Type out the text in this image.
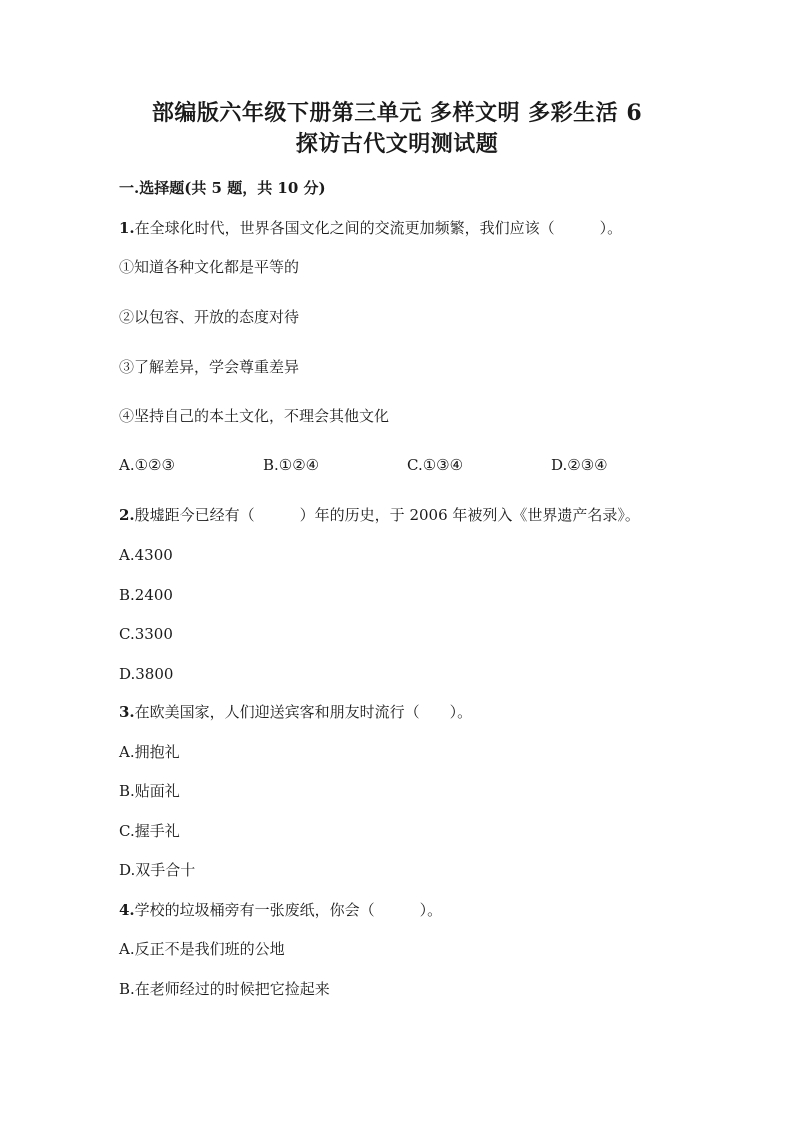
部编版六年级下册第三单元 多样文明 多彩生活 6
探访古代文明测试题
一.选择题(共 5 题，共 10 分)
1.在全球化时代，世界各国文化之间的交流更加频繁，我们应该（　　　）。
①知道各种文化都是平等的
②以包容、开放的态度对待
③了解差异，学会尊重差异
④坚持自己的本土文化，不理会其他文化
A.①②③	B.①②④	C.①③④	D.②③④
2.殷墟距今已经有（　　　）年的历史，于 2006 年被列入《世界遗产名录》。
A.4300
B.2400
C.3300
D.3800
3.在欧美国家，人们迎送宾客和朋友时流行（　　）。
A.拥抱礼
B.贴面礼
C.握手礼
D.双手合十
4.学校的垃圾桶旁有一张废纸，你会（　　　）。
A.反正不是我们班的公地
B.在老师经过的时候把它捡起来
